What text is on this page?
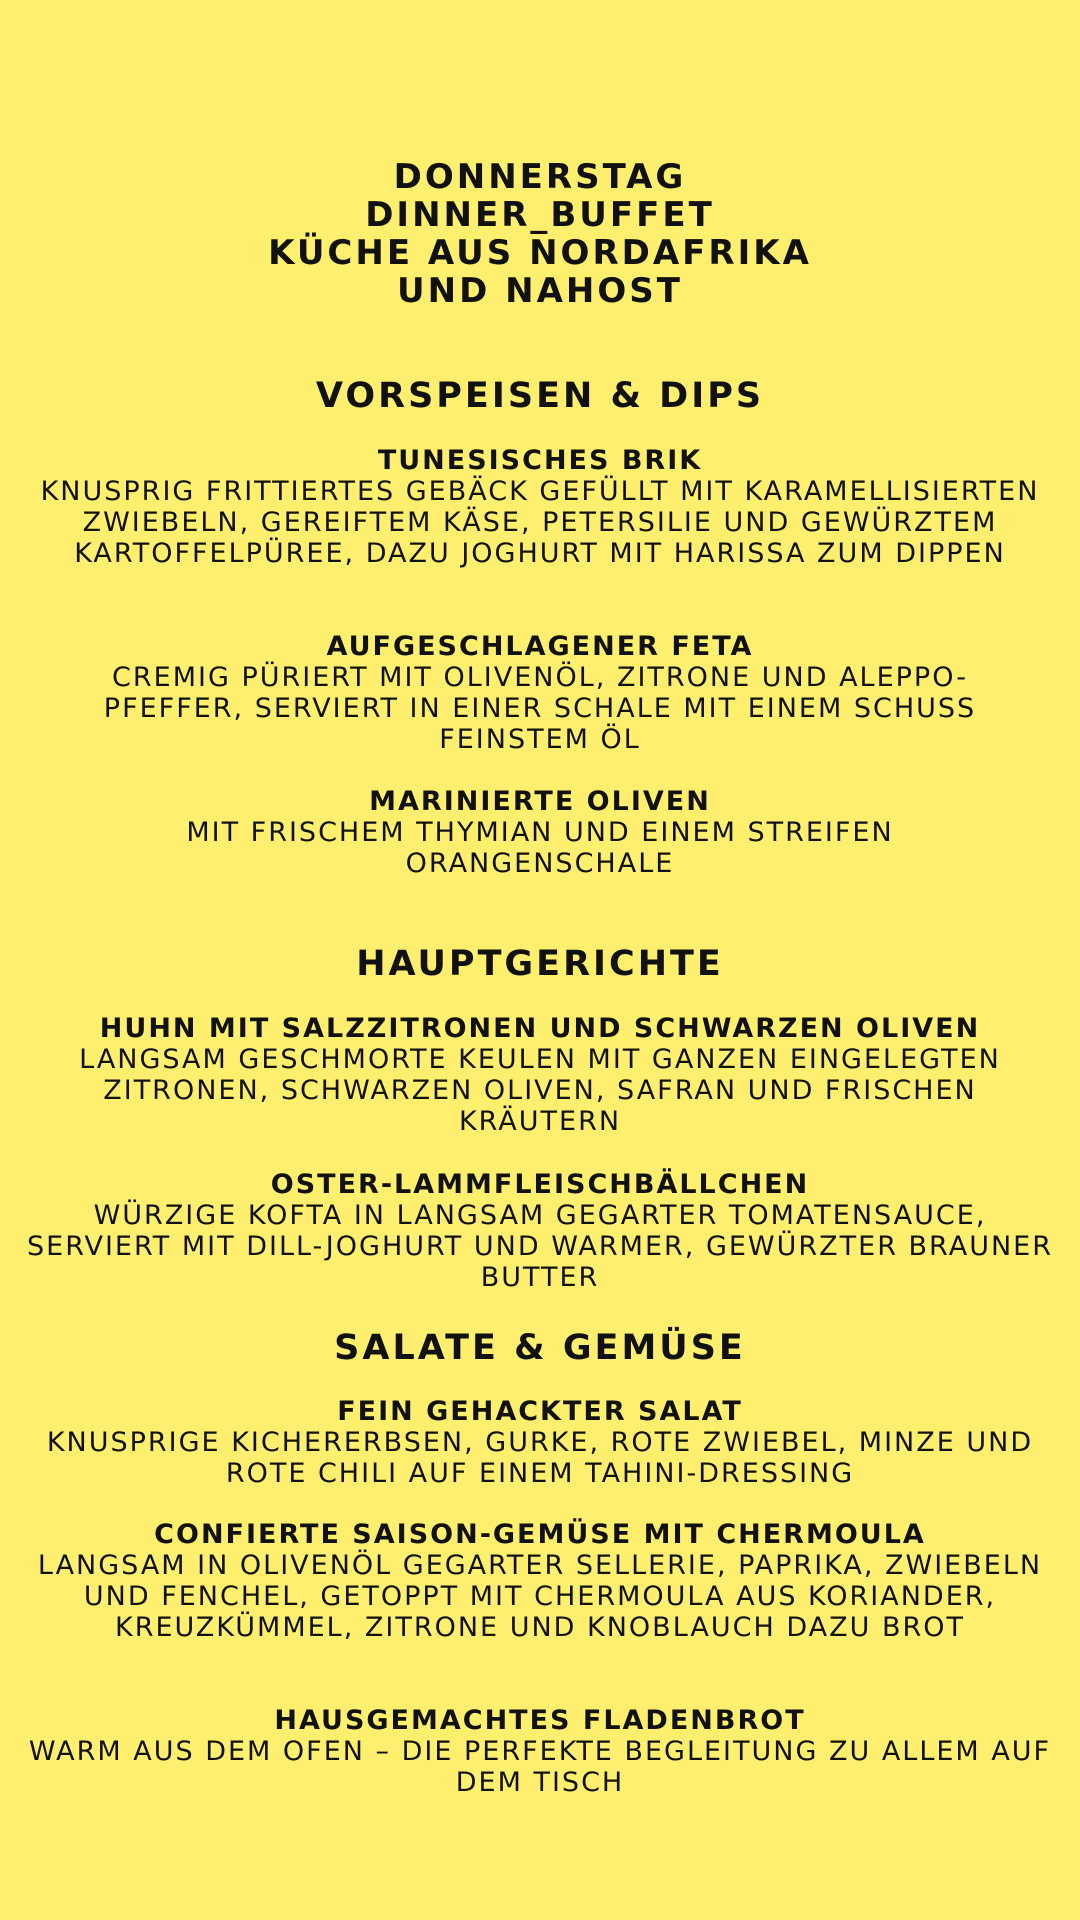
DONNERSTAG
DINNER_BUFFET
KÜCHE AUS NORDAFRIKA
UND NAHOST
VORSPEISEN & DIPS
TUNESISCHES BRIK
KNUSPRIG FRITTIERTES GEBÄCK GEFÜLLT MIT KARAMELLISIERTEN ZWIEBELN, GEREIFTEM KÄSE, PETERSILIE UND GEWÜRZTEM KARTOFFELPÜREE, DAZU JOGHURT MIT HARISSA ZUM DIPPEN
AUFGESCHLAGENER FETA
CREMIG PÜRIERT MIT OLIVENÖL, ZITRONE UND ALEPPO-PFEFFER, SERVIERT IN EINER SCHALE MIT EINEM SCHUSS FEINSTEM ÖL
MARINIERTE OLIVEN
MIT FRISCHEM THYMIAN UND EINEM STREIFEN ORANGENSCHALE
HAUPTGERICHTE
HUHN MIT SALZZITRONEN UND SCHWARZEN OLIVEN
LANGSAM GESCHMORTE KEULEN MIT GANZEN EINGELEGTEN ZITRONEN, SCHWARZEN OLIVEN, SAFRAN UND FRISCHEN KRÄUTERN
OSTER-LAMMFLEISCHBÄLLCHEN
WÜRZIGE KOFTA IN LANGSAM GEGARTER TOMATENSAUCE, SERVIERT MIT DILL-JOGHURT UND WARMER, GEWÜRZTER BRAUNER BUTTER
SALATE & GEMÜSE
FEIN GEHACKTER SALAT
KNUSPRIGE KICHERERBSEN, GURKE, ROTE ZWIEBEL, MINZE UND ROTE CHILI AUF EINEM TAHINI-DRESSING
CONFIERTE SAISON-GEMÜSE MIT CHERMOULA
LANGSAM IN OLIVENÖL GEGARTER SELLERIE, PAPRIKA, ZWIEBELN UND FENCHEL, GETOPPT MIT CHERMOULA AUS KORIANDER, KREUZKÜMMEL, ZITRONE UND KNOBLAUCH DAZU BROT
HAUSGEMACHTES FLADENBROT
WARM AUS DEM OFEN – DIE PERFEKTE BEGLEITUNG ZU ALLEM AUF DEM TISCH
